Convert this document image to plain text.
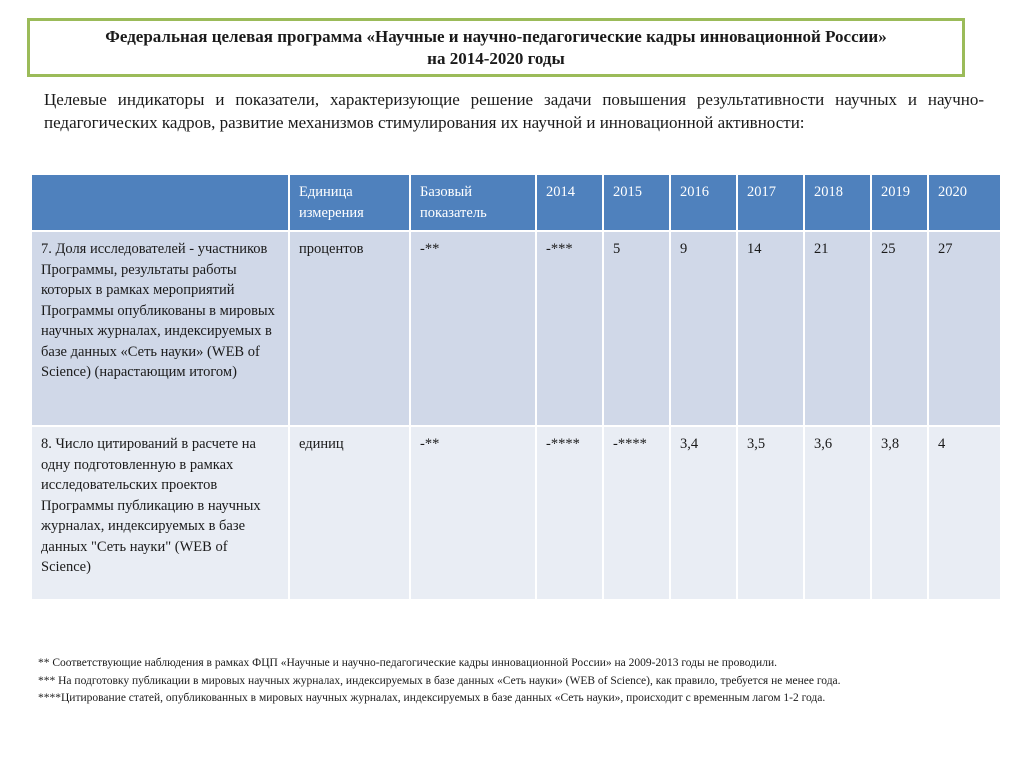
Федеральная целевая программа «Научные и научно-педагогические кадры инновационной России»
на 2014-2020 годы
Целевые индикаторы и показатели, характеризующие решение задачи повышения результативности научных и научно-педагогических кадров, развитие механизмов стимулирования их научной и инновационной активности:
	Единица измерения	Базовый показатель	2014	2015	2016	2017	2018	2019	2020
7. Доля исследователей - участников Программы, результаты работы которых в рамках мероприятий Программы опубликованы в мировых научных журналах, индексируемых в базе данных «Сеть науки» (WEB of Science) (нарастающим итогом)	процентов	-**	-***	5	9	14	21	25	27
8. Число цитирований в расчете на одну подготовленную в рамках исследовательских проектов Программы публикацию в научных журналах, индексируемых в базе данных "Сеть науки" (WEB of Science)	единиц	-**	-****	-****	3,4	3,5	3,6	3,8	4

** Соответствующие наблюдения в рамках ФЦП «Научные и научно-педагогические кадры инновационной России» на 2009-2013 годы не проводили.

*** На подготовку публикации в мировых научных журналах, индексируемых в базе данных «Сеть науки» (WEB of Science), как правило, требуется не менее года.

****Цитирование статей, опубликованных в мировых научных журналах, индексируемых в базе данных «Сеть науки», происходит с временным лагом 1-2 года.
